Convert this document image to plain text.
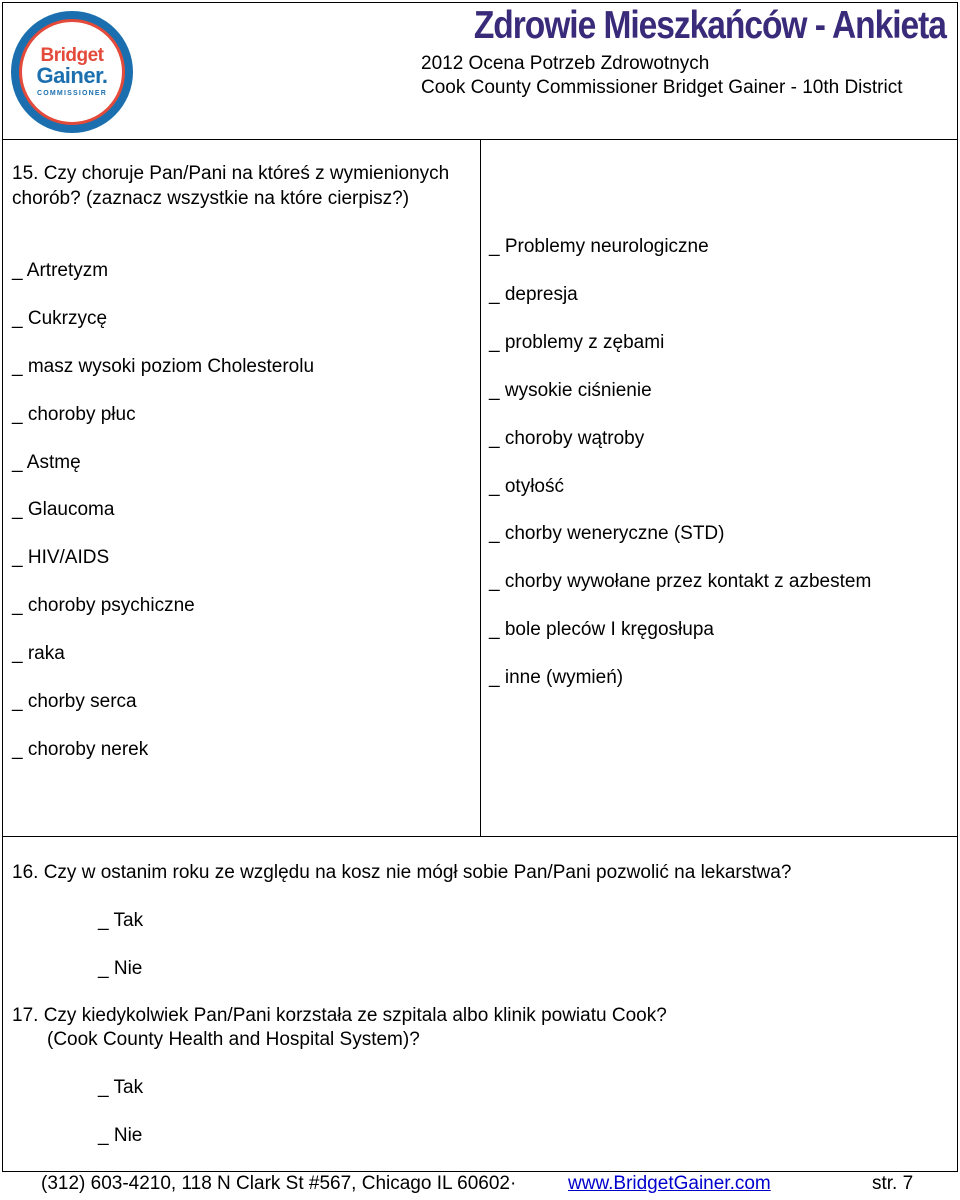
Bridget
Gainer.
COMMISSIONER
Zdrowie Mieszkańców - Ankieta
2012 Ocena Potrzeb Zdrowotnych
Cook County Commissioner Bridget Gainer - 10th District
15. Czy choruje Pan/Pani na któreś z wymienionych chorób? (zaznacz wszystkie na które cierpisz?)
_ Artretyzm
_ Cukrzycę
_ masz wysoki poziom Cholesterolu
_ choroby płuc
_ Astmę
_ Glaucoma
_ HIV/AIDS
_ choroby psychiczne
_ raka
_ chorby serca
_ choroby nerek
_ Problemy neurologiczne
_ depresja
_ problemy z zębami
_ wysokie ciśnienie
_ choroby wątroby
_ otyłość
_ chorby weneryczne (STD)
_ chorby wywołane przez kontakt z azbestem
_ bole pleców I kręgosłupa
_ inne (wymień)
16. Czy w ostanim roku ze względu na kosz nie mógł sobie Pan/Pani pozwolić na lekarstwa?
_ Tak
_ Nie
17. Czy kiedykolwiek Pan/Pani korzstała ze szpitala albo klinik powiatu Cook?
(Cook County Health and Hospital System)?
_ Tak
_ Nie
(312) 603-4210, 118 N Clark St #567, Chicago IL 60602·	www.BridgetGainer.com	str. 7
